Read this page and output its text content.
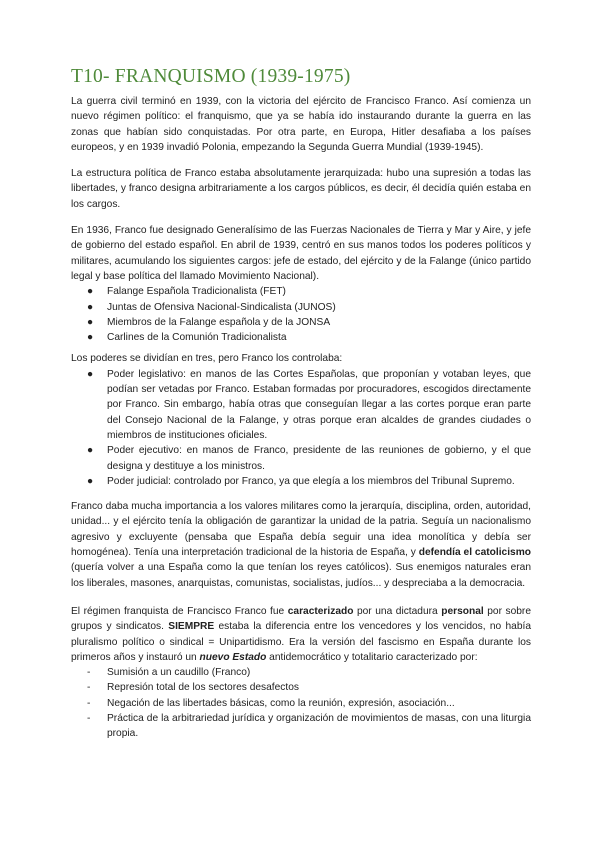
T10- FRANQUISMO (1939-1975)

La guerra civil terminó en 1939, con la victoria del ejército de Francisco Franco. Así comienza un nuevo régimen político: el franquismo, que ya se había ido instaurando durante la guerra en las zonas que habían sido conquistadas. Por otra parte, en Europa, Hitler desafiaba a los países europeos, y en 1939 invadió Polonia, empezando la Segunda Guerra Mundial (1939-1945).

La estructura política de Franco estaba absolutamente jerarquizada: hubo una supresión a todas las libertades, y franco designa arbitrariamente a los cargos públicos, es decir, él decidía quién estaba en los cargos.

En 1936, Franco fue designado Generalísimo de las Fuerzas Nacionales de Tierra y Mar y Aire, y jefe de gobierno del estado español. En abril de 1939, centró en sus manos todos los poderes políticos y militares, acumulando los siguientes cargos: jefe de estado, del ejército y de la Falange (único partido legal y base política del llamado Movimiento Nacional).

● Falange Española Tradicionalista (FET)
● Juntas de Ofensiva Nacional-Sindicalista (JUNOS)
● Miembros de la Falange española y de la JONSA
● Carlines de la Comunión Tradicionalista

Los poderes se dividían en tres, pero Franco los controlaba:

● Poder legislativo: en manos de las Cortes Españolas, que proponían y votaban leyes, que podían ser vetadas por Franco. Estaban formadas por procuradores, escogidos directamente por Franco. Sin embargo, había otras que conseguían llegar a las cortes porque eran parte del Consejo Nacional de la Falange, y otras porque eran alcaldes de grandes ciudades o miembros de instituciones oficiales.
● Poder ejecutivo: en manos de Franco, presidente de las reuniones de gobierno, y el que designa y destituye a los ministros.
● Poder judicial: controlado por Franco, ya que elegía a los miembros del Tribunal Supremo.

Franco daba mucha importancia a los valores militares como la jerarquía, disciplina, orden, autoridad, unidad... y el ejército tenía la obligación de garantizar la unidad de la patria. Seguía un nacionalismo agresivo y excluyente (pensaba que España debía seguir una idea monolítica y debía ser homogénea). Tenía una interpretación tradicional de la historia de España, y defendía el catolicismo (quería volver a una España como la que tenían los reyes católicos). Sus enemigos naturales eran los liberales, masones, anarquistas, comunistas, socialistas, judíos... y despreciaba a la democracia.

El régimen franquista de Francisco Franco fue caracterizado por una dictadura personal por sobre grupos y sindicatos. SIEMPRE estaba la diferencia entre los vencedores y los vencidos, no había pluralismo político o sindical = Unipartidismo. Era la versión del fascismo en España durante los primeros años y instauró un nuevo Estado antidemocrático y totalitario caracterizado por:

- Sumisión a un caudillo (Franco)
- Represión total de los sectores desafectos
- Negación de las libertades básicas, como la reunión, expresión, asociación...
- Práctica de la arbitrariedad jurídica y organización de movimientos de masas, con una liturgia propia.
